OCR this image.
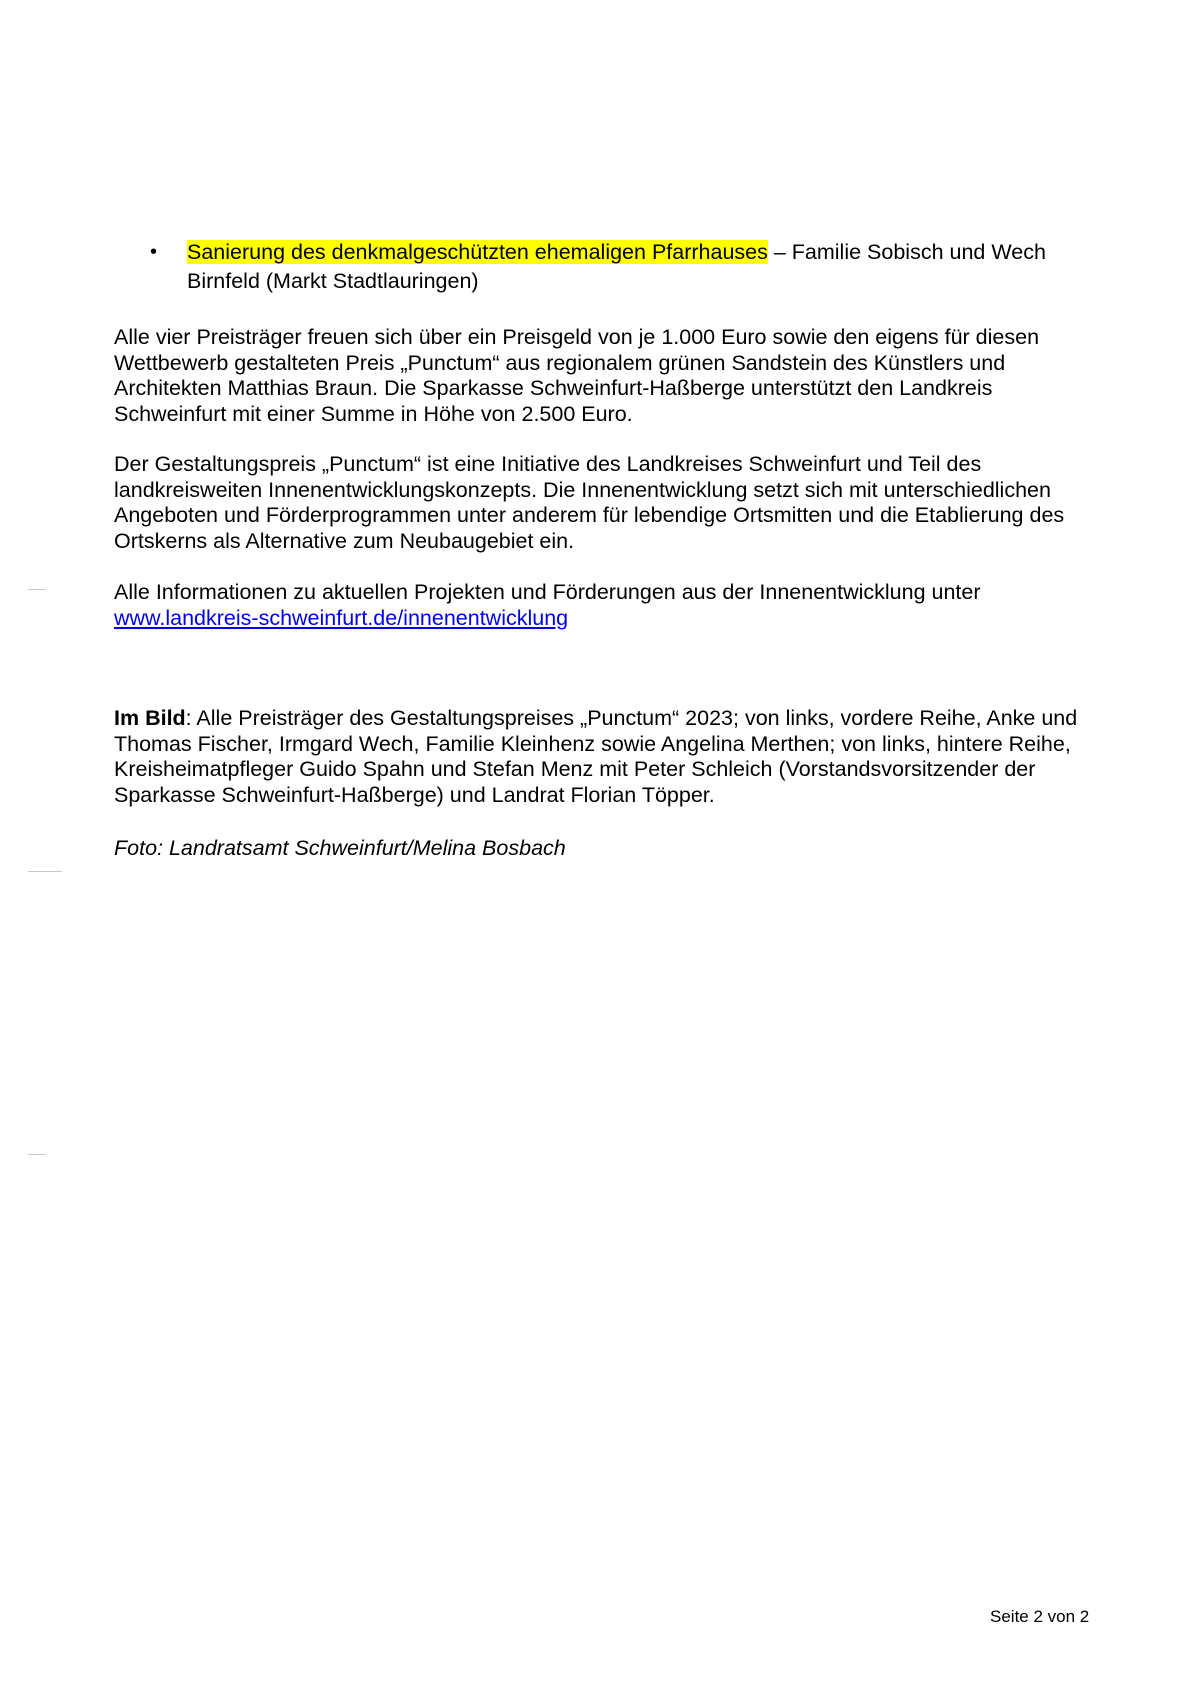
•	Sanierung des denkmalgeschützten ehemaligen Pfarrhauses – Familie Sobisch und Wech Birnfeld (Markt Stadtlauringen)

Alle vier Preisträger freuen sich über ein Preisgeld von je 1.000 Euro sowie den eigens für diesen Wettbewerb gestalteten Preis „Punctum“ aus regionalem grünen Sandstein des Künstlers und Architekten Matthias Braun. Die Sparkasse Schweinfurt-Haßberge unterstützt den Landkreis Schweinfurt mit einer Summe in Höhe von 2.500 Euro.

Der Gestaltungspreis „Punctum“ ist eine Initiative des Landkreises Schweinfurt und Teil des landkreisweiten Innenentwicklungskonzepts. Die Innenentwicklung setzt sich mit unterschiedlichen Angeboten und Förderprogrammen unter anderem für lebendige Ortsmitten und die Etablierung des Ortskerns als Alternative zum Neubaugebiet ein.

Alle Informationen zu aktuellen Projekten und Förderungen aus der Innenentwicklung unter
www.landkreis-schweinfurt.de/innenentwicklung

Im Bild: Alle Preisträger des Gestaltungspreises „Punctum“ 2023; von links, vordere Reihe, Anke und Thomas Fischer, Irmgard Wech, Familie Kleinhenz sowie Angelina Merthen; von links, hintere Reihe, Kreisheimatpfleger Guido Spahn und Stefan Menz mit Peter Schleich (Vorstandsvorsitzender der Sparkasse Schweinfurt-Haßberge) und Landrat Florian Töpper.

Foto: Landratsamt Schweinfurt/Melina Bosbach

Seite 2 von 2
